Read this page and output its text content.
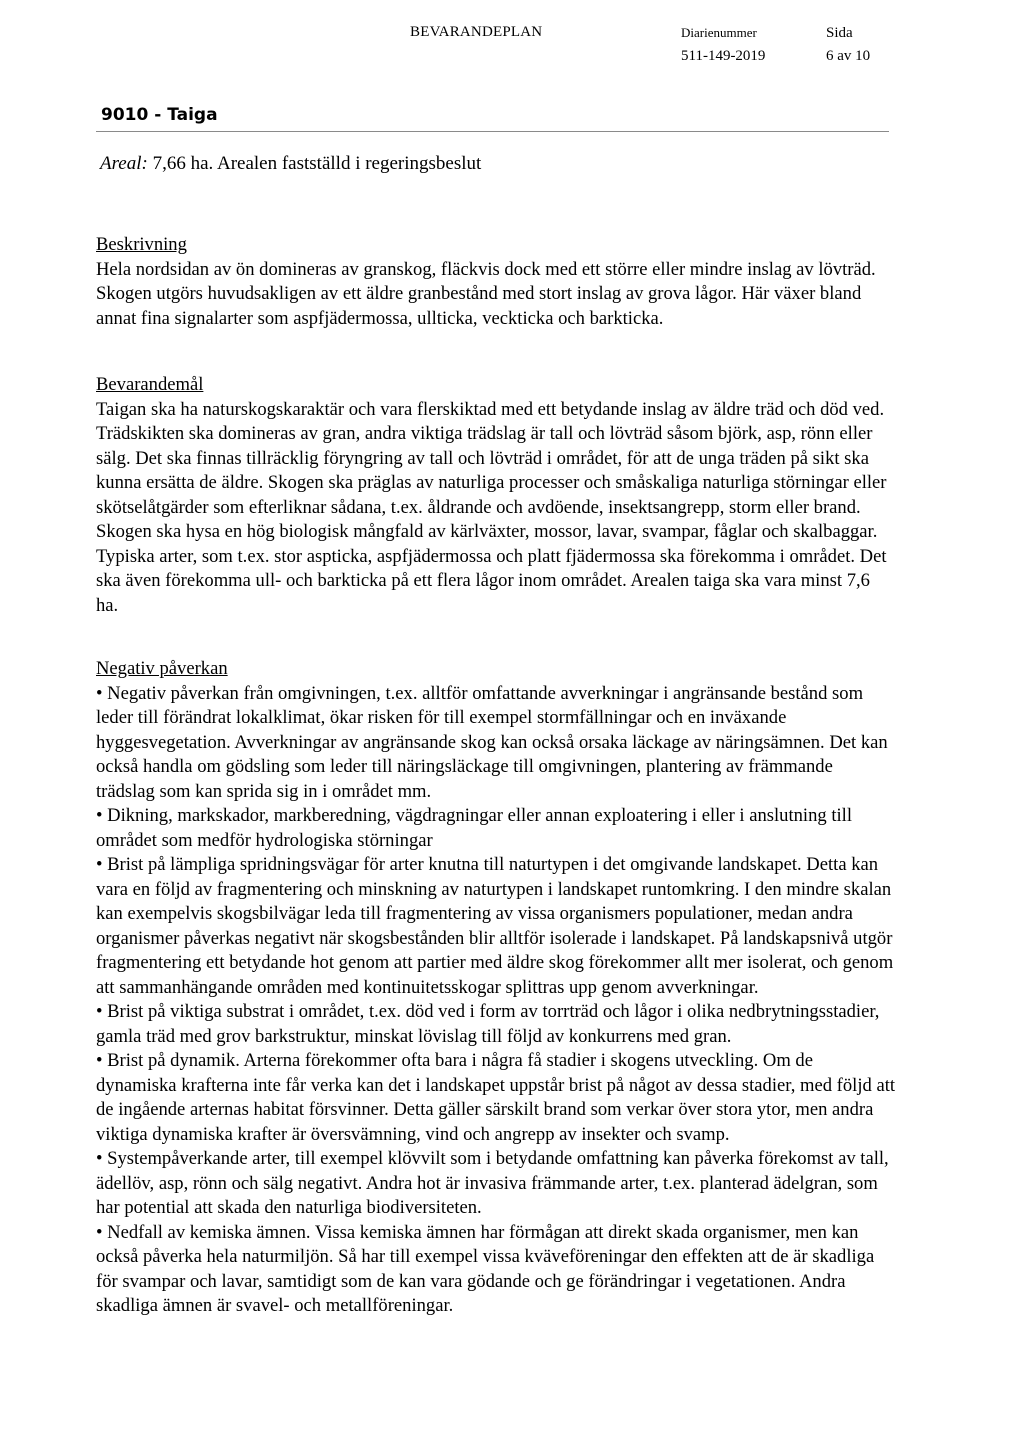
BEVARANDEPLAN	Diarienummer
511-149-2019
Sida
6 av 10
9010 - Taiga
Areal: 7,66 ha. Arealen fastställd i regeringsbeslut

Beskrivning

Hela nordsidan av ön domineras av granskog, fläckvis dock med ett större eller mindre inslag av lövträd. Skogen utgörs huvudsakligen av ett äldre granbestånd med stort inslag av grova lågor. Här växer bland annat fina signalarter som aspfjädermossa, ullticka, veckticka och barkticka.

Bevarandemål

Taigan ska ha naturskogskaraktär och vara flerskiktad med ett betydande inslag av äldre träd och död ved. Trädskikten ska domineras av gran, andra viktiga trädslag är tall och lövträd såsom björk, asp, rönn eller sälg. Det ska finnas tillräcklig föryngring av tall och lövträd i området, för att de unga träden på sikt ska kunna ersätta de äldre. Skogen ska präglas av naturliga processer och småskaliga naturliga störningar eller skötselåtgärder som efterliknar sådana, t.ex. åldrande och avdöende, insektsangrepp, storm eller brand. Skogen ska hysa en hög biologisk mångfald av kärlväxter, mossor, lavar, svampar, fåglar och skalbaggar. Typiska arter, som t.ex. stor aspticka, aspfjädermossa och platt fjädermossa ska förekomma i området. Det ska även förekomma ull- och barkticka på ett flera lågor inom området. Arealen taiga ska vara minst 7,6 ha.

Negativ påverkan

• Negativ påverkan från omgivningen, t.ex. alltför omfattande avverkningar i angränsande bestånd som leder till förändrat lokalklimat, ökar risken för till exempel stormfällningar och en inväxande hyggesvegetation. Avverkningar av angränsande skog kan också orsaka läckage av näringsämnen. Det kan också handla om gödsling som leder till näringsläckage till omgivningen, plantering av främmande trädslag som kan sprida sig in i området mm.

• Dikning, markskador, markberedning, vägdragningar eller annan exploatering i eller i anslutning till området som medför hydrologiska störningar

• Brist på lämpliga spridningsvägar för arter knutna till naturtypen i det omgivande landskapet. Detta kan vara en följd av fragmentering och minskning av naturtypen i landskapet runtomkring. I den mindre skalan kan exempelvis skogsbilvägar leda till fragmentering av vissa organismers populationer, medan andra organismer påverkas negativt när skogsbestånden blir alltför isolerade i landskapet. På landskapsnivå utgör fragmentering ett betydande hot genom att partier med äldre skog förekommer allt mer isolerat, och genom att sammanhängande områden med kontinuitetsskogar splittras upp genom avverkningar.

• Brist på viktiga substrat i området, t.ex. död ved i form av torrträd och lågor i olika nedbrytningsstadier, gamla träd med grov barkstruktur, minskat lövislag till följd av konkurrens med gran.

• Brist på dynamik. Arterna förekommer ofta bara i några få stadier i skogens utveckling. Om de dynamiska krafterna inte får verka kan det i landskapet uppstår brist på något av dessa stadier, med följd att de ingående arternas habitat försvinner. Detta gäller särskilt brand som verkar över stora ytor, men andra viktiga dynamiska krafter är översvämning, vind och angrepp av insekter och svamp.

• Systempåverkande arter, till exempel klövvilt som i betydande omfattning kan påverka förekomst av tall, ädellöv, asp, rönn och sälg negativt. Andra hot är invasiva främmande arter, t.ex. planterad ädelgran, som har potential att skada den naturliga biodiversiteten.

• Nedfall av kemiska ämnen. Vissa kemiska ämnen har förmågan att direkt skada organismer, men kan också påverka hela naturmiljön. Så har till exempel vissa kväveföreningar den effekten att de är skadliga för svampar och lavar, samtidigt som de kan vara gödande och ge förändringar i vegetationen. Andra skadliga ämnen är svavel- och metallföreningar.
